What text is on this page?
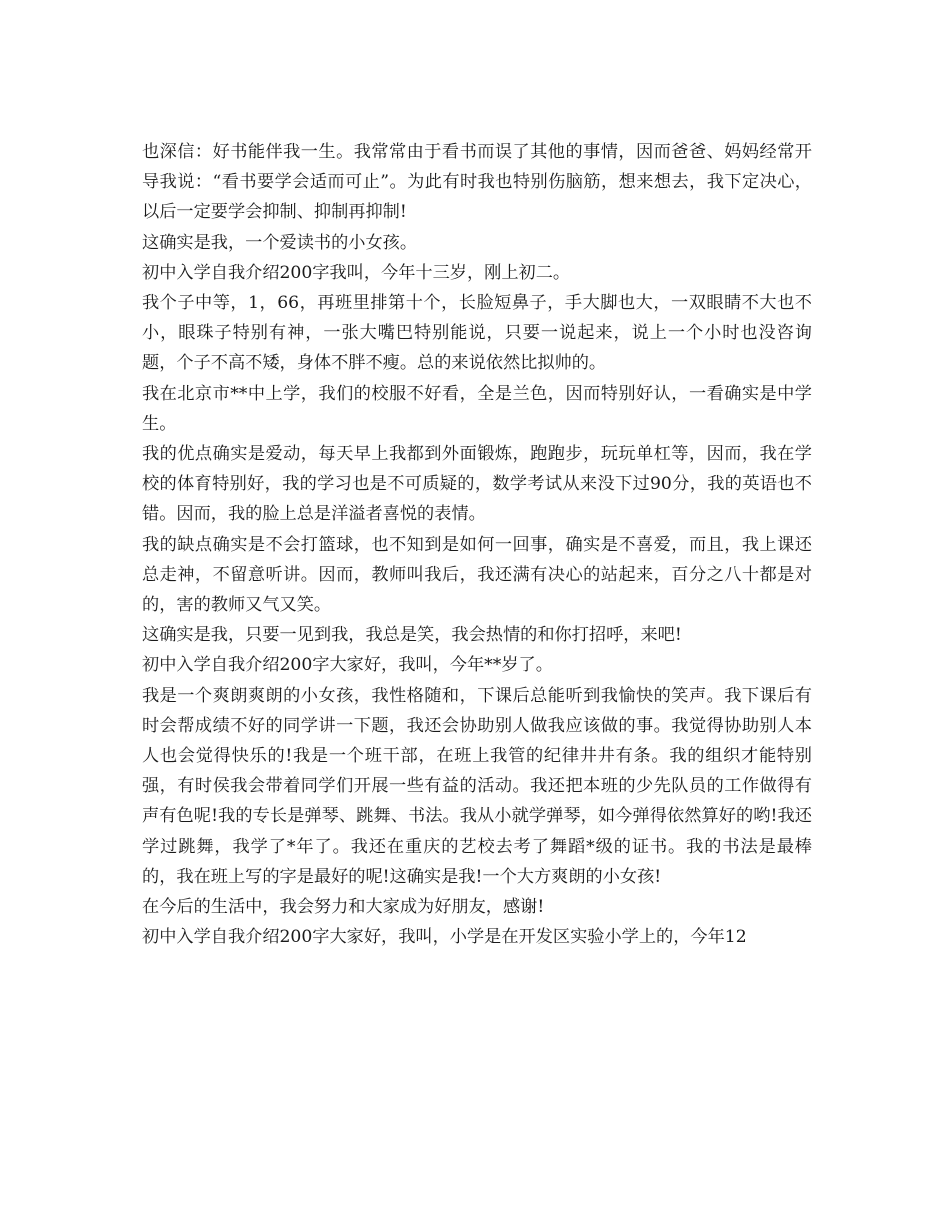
也深信：好书能伴我一生。我常常由于看书而误了其他的事情，因而爸爸、妈妈经常开导我说：“看书要学会适而可止”。为此有时我也特别伤脑筋，想来想去，我下定决心，以后一定要学会抑制、抑制再抑制!

这确实是我，一个爱读书的小女孩。

初中入学自我介绍200字我叫，今年十三岁，刚上初二。

我个子中等，1，66，再班里排第十个，长脸短鼻子，手大脚也大，一双眼睛不大也不小，眼珠子特别有神，一张大嘴巴特别能说，只要一说起来，说上一个小时也没咨询题，个子不高不矮，身体不胖不瘦。总的来说依然比拟帅的。

我在北京市**中上学，我们的校服不好看，全是兰色，因而特别好认，一看确实是中学生。

我的优点确实是爱动，每天早上我都到外面锻炼，跑跑步，玩玩单杠等，因而，我在学校的体育特别好，我的学习也是不可质疑的，数学考试从来没下过90分，我的英语也不错。因而，我的脸上总是洋溢者喜悦的表情。

我的缺点确实是不会打篮球，也不知到是如何一回事，确实是不喜爱，而且，我上课还总走神，不留意听讲。因而，教师叫我后，我还满有决心的站起来，百分之八十都是对的，害的教师又气又笑。

这确实是我，只要一见到我，我总是笑，我会热情的和你打招呼，来吧!

初中入学自我介绍200字大家好，我叫，今年**岁了。

我是一个爽朗爽朗的小女孩，我性格随和，下课后总能听到我愉快的笑声。我下课后有时会帮成绩不好的同学讲一下题，我还会协助别人做我应该做的事。我觉得协助别人本人也会觉得快乐的!我是一个班干部，在班上我管的纪律井井有条。我的组织才能特别强，有时侯我会带着同学们开展一些有益的活动。我还把本班的少先队员的工作做得有声有色呢!我的专长是弹琴、跳舞、书法。我从小就学弹琴，如今弹得依然算好的哟!我还学过跳舞，我学了*年了。我还在重庆的艺校去考了舞蹈*级的证书。我的书法是最棒的，我在班上写的字是最好的呢!这确实是我!一个大方爽朗的小女孩!

在今后的生活中，我会努力和大家成为好朋友，感谢!

初中入学自我介绍200字大家好，我叫，小学是在开发区实验小学上的，今年12
